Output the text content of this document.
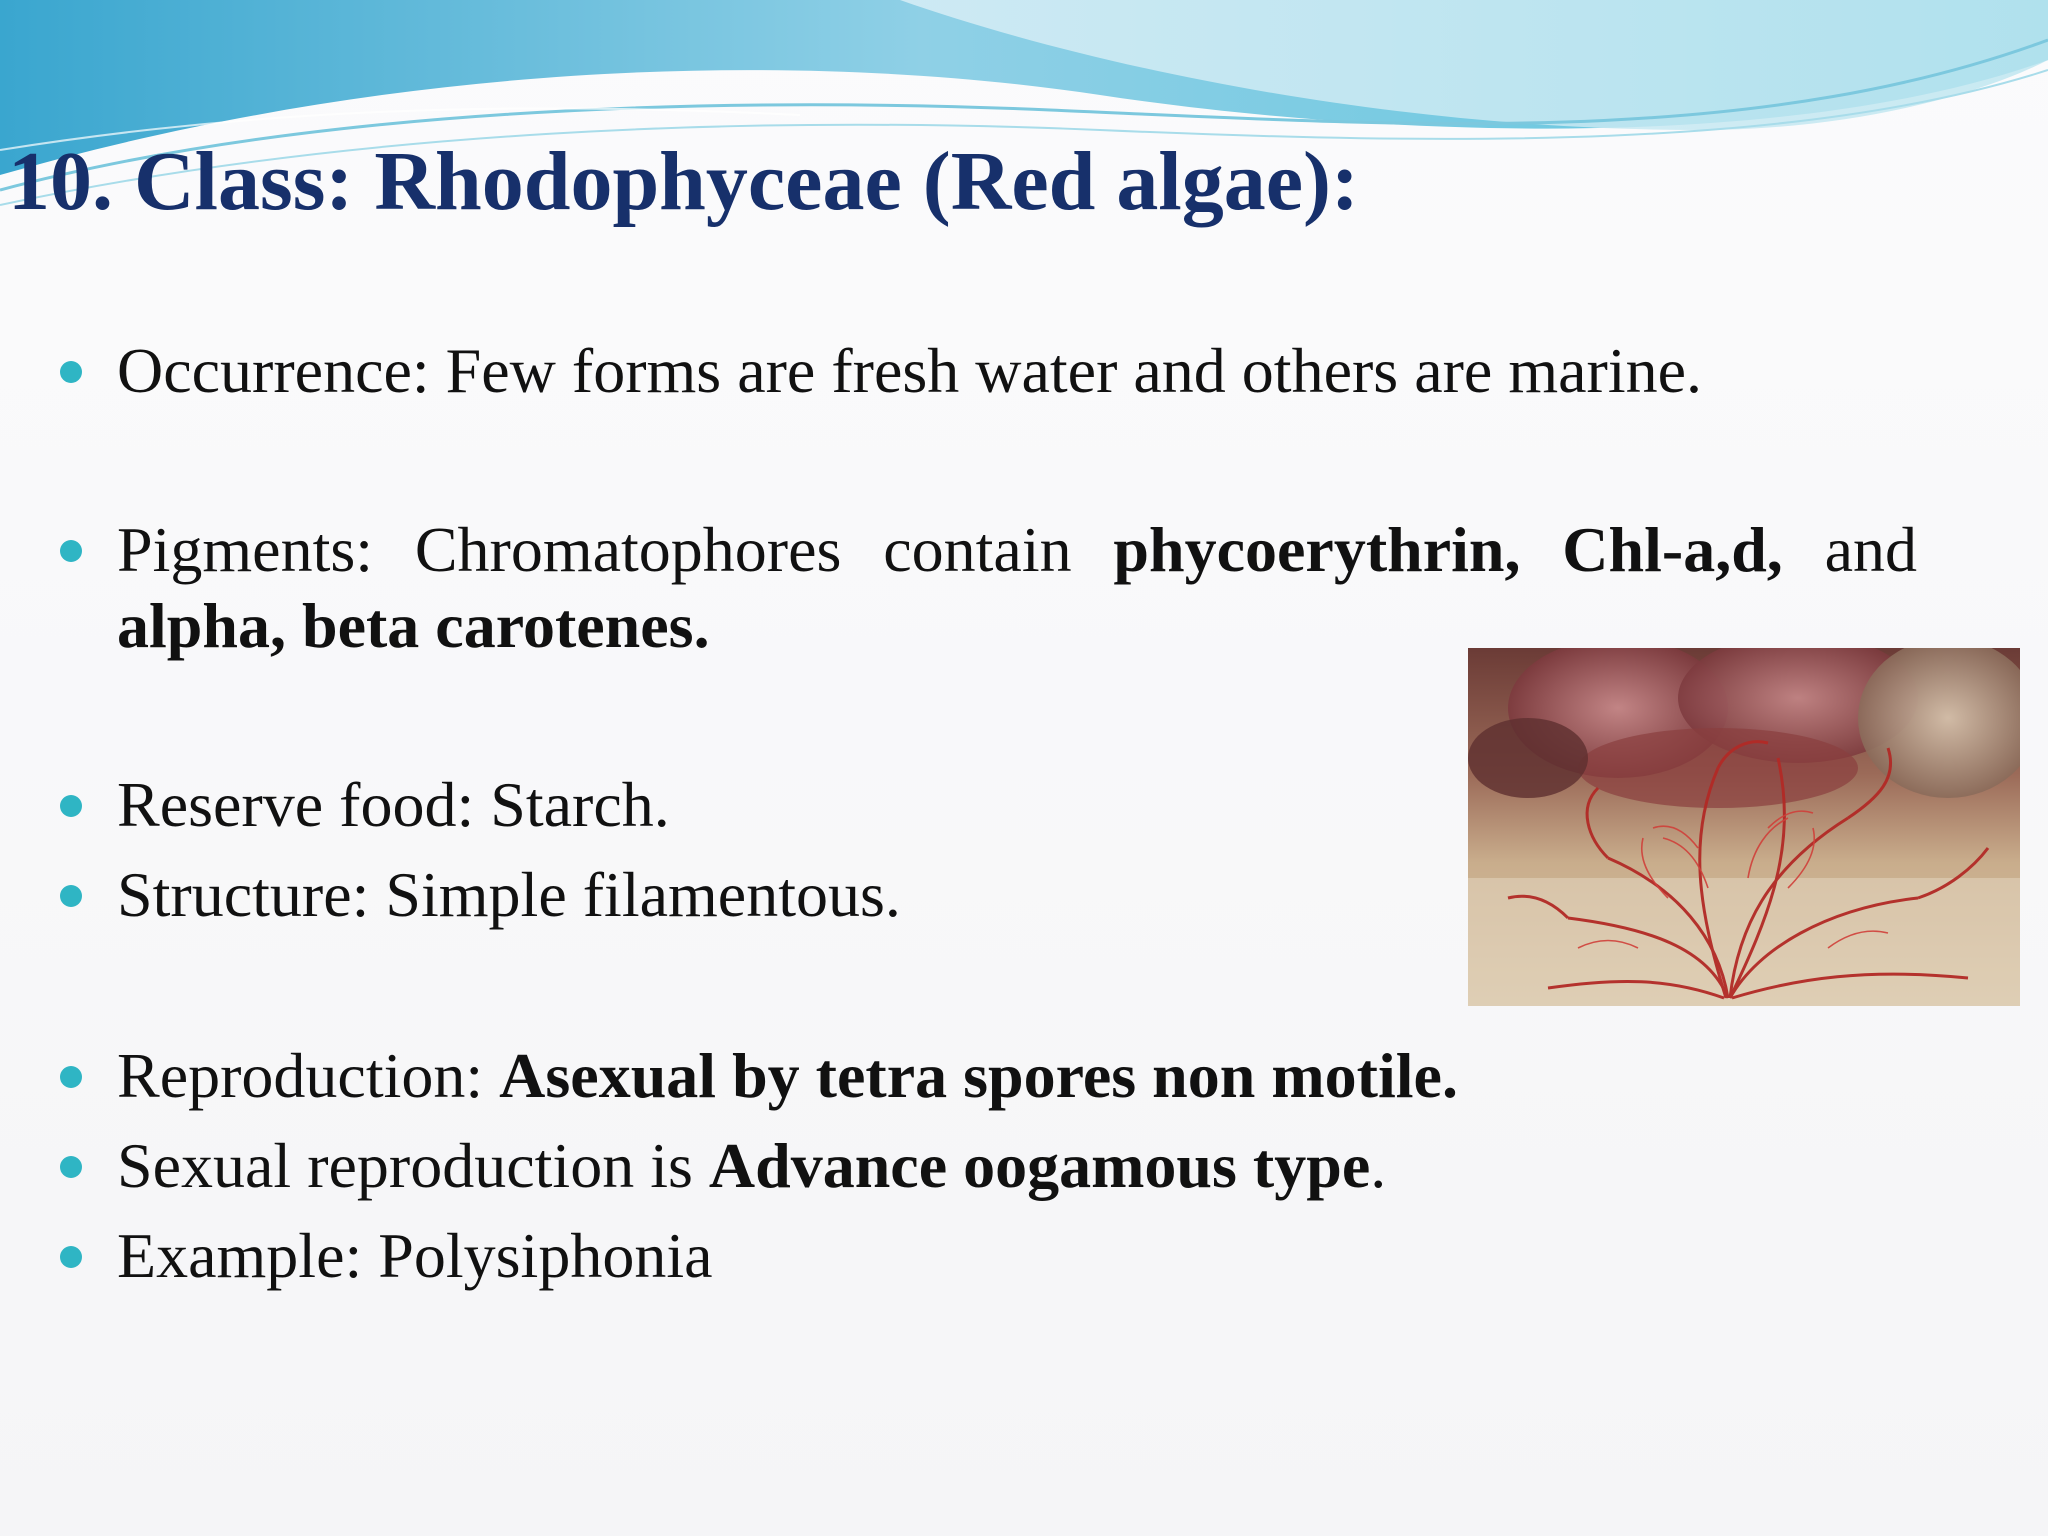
10. Class: Rhodophyceae (Red algae):
Occurrence: Few forms are fresh water and others are marine.
Pigments: Chromatophores contain phycoerythrin, Chl-a,d, and alpha, beta carotenes.
Reserve food: Starch.
Structure: Simple filamentous.
Reproduction: Asexual by tetra spores non motile.
Sexual reproduction is Advance oogamous type.
Example: Polysiphonia
